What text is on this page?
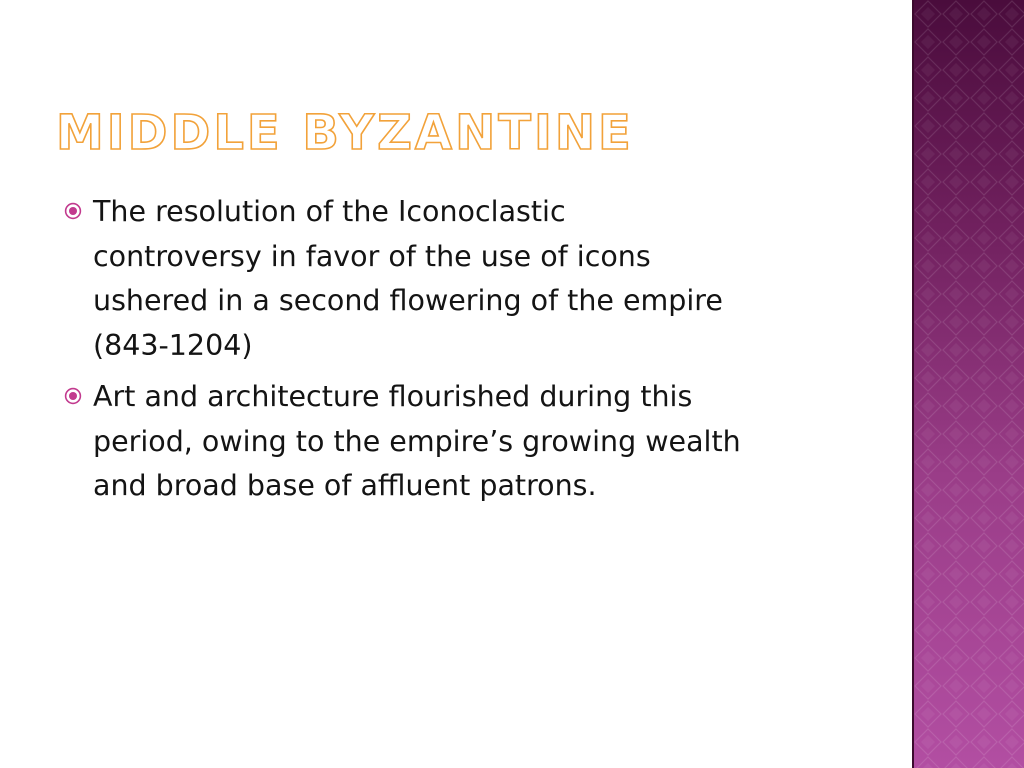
MIDDLE BYZANTINE
The resolution of the Iconoclastic
controversy in favor of the use of icons
ushered in a second flowering of the empire
(843-1204)
Art and architecture flourished during this
period, owing to the empire’s growing wealth
and broad base of affluent patrons.
